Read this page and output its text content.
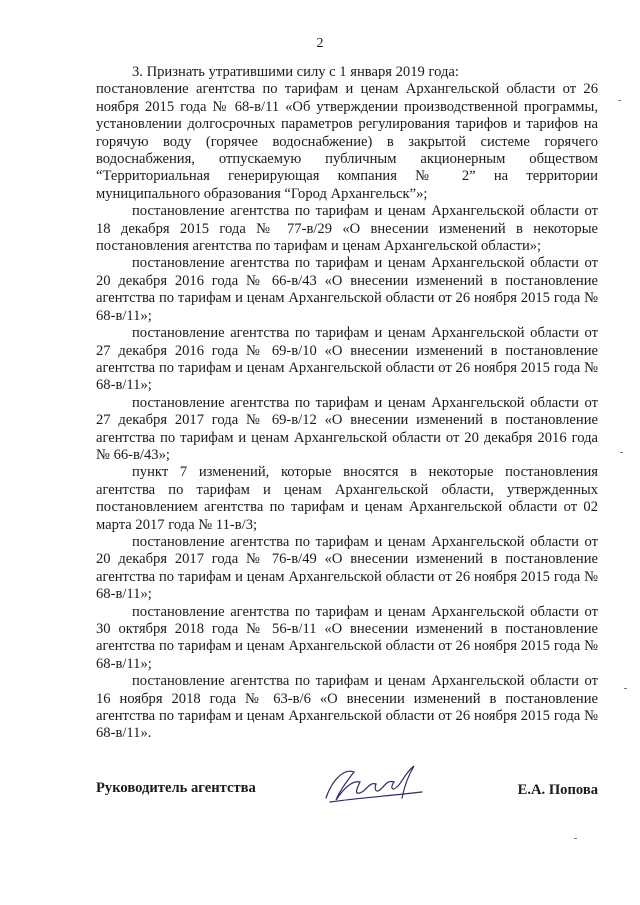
2

3. Признать утратившими силу с 1 января 2019 года:

постановление агентства по тарифам и ценам Архангельской области от 26 ноября 2015 года № 68-в/11 «Об утверждении производственной программы, установлении долгосрочных параметров регулирования тарифов и тарифов на горячую воду (горячее водоснабжение) в закрытой системе горячего водоснабжения, отпускаемую публичным акционерным обществом “Территориальная генерирующая компания № 2” на территории муниципального образования “Город Архангельск”»;

постановление агентства по тарифам и ценам Архангельской области от 18 декабря 2015 года № 77-в/29 «О внесении изменений в некоторые постановления агентства по тарифам и ценам Архангельской области»;

постановление агентства по тарифам и ценам Архангельской области от 20 декабря 2016 года № 66-в/43 «О внесении изменений в постановление агентства по тарифам и ценам Архангельской области от 26 ноября 2015 года № 68-в/11»;

постановление агентства по тарифам и ценам Архангельской области от 27 декабря 2016 года № 69-в/10 «О внесении изменений в постановление агентства по тарифам и ценам Архангельской области от 26 ноября 2015 года № 68-в/11»;

постановление агентства по тарифам и ценам Архангельской области от 27 декабря 2017 года № 69-в/12 «О внесении изменений в постановление агентства по тарифам и ценам Архангельской области от 20 декабря 2016 года № 66-в/43»;

пункт 7 изменений, которые вносятся в некоторые постановления агентства по тарифам и ценам Архангельской области, утвержденных постановлением агентства по тарифам и ценам Архангельской области от 02 марта 2017 года № 11-в/3;

постановление агентства по тарифам и ценам Архангельской области от 20 декабря 2017 года № 76-в/49 «О внесении изменений в постановление агентства по тарифам и ценам Архангельской области от 26 ноября 2015 года № 68-в/11»;

постановление агентства по тарифам и ценам Архангельской области от 30 октября 2018 года № 56-в/11 «О внесении изменений в постановление агентства по тарифам и ценам Архангельской области от 26 ноября 2015 года № 68-в/11»;

постановление агентства по тарифам и ценам Архангельской области от 16 ноября 2018 года № 63-в/6 «О внесении изменений в постановление агентства по тарифам и ценам Архангельской области от 26 ноября 2015 года № 68-в/11».

Руководитель агентства	Е.А. Попова
